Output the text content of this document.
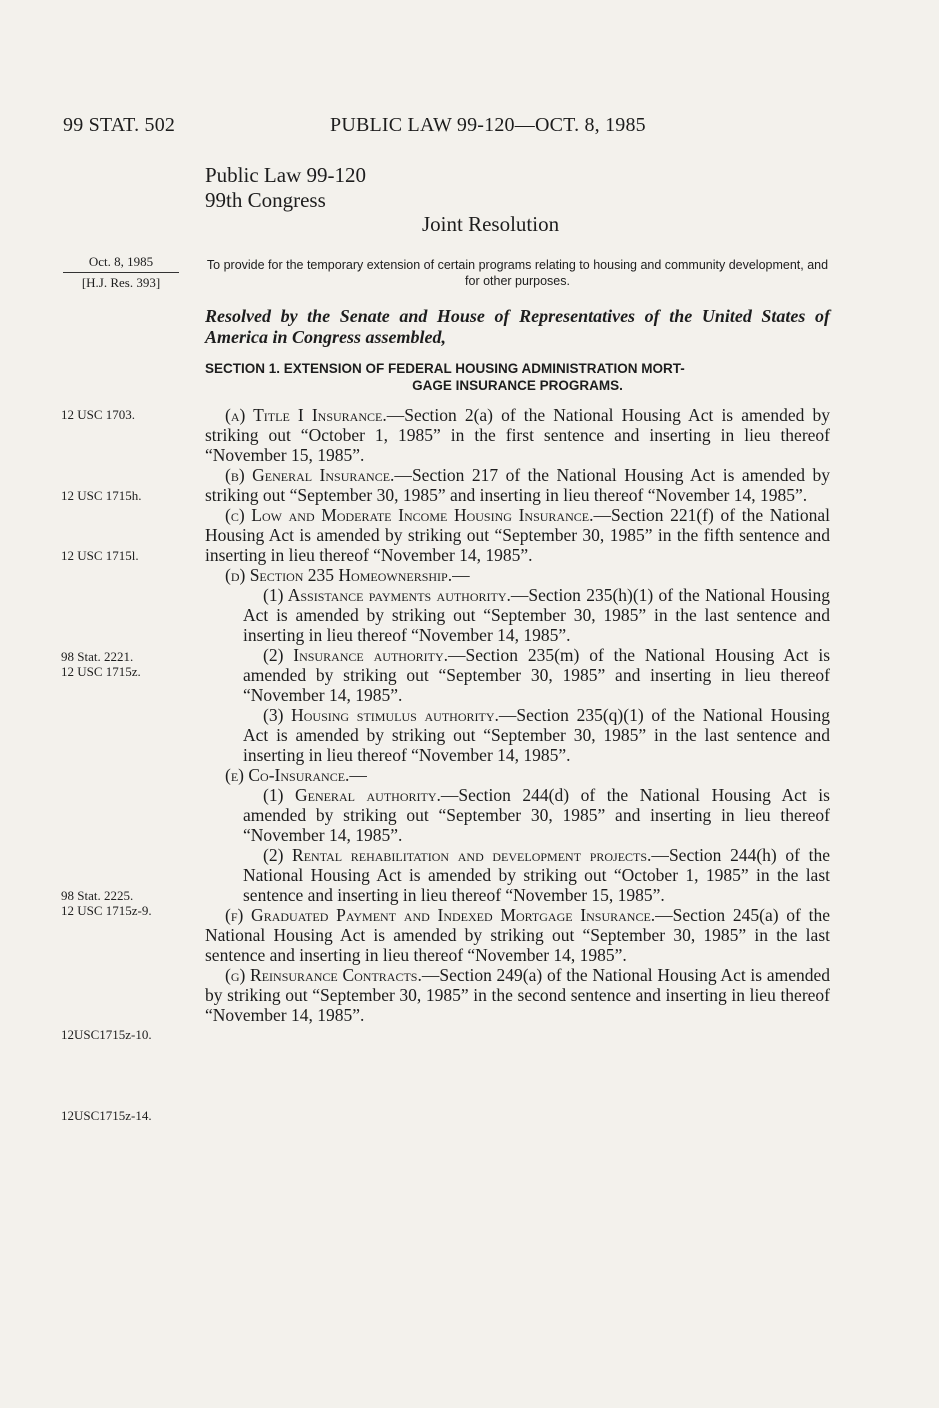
99 STAT. 502	PUBLIC LAW 99-120—OCT. 8, 1985
Public Law 99-120
99th Congress
Joint Resolution
Oct. 8, 1985
[H.J. Res. 393]
To provide for the temporary extension of certain programs relating to housing and community development, and for other purposes.
Resolved by the Senate and House of Representatives of the United States of America in Congress assembled,
SECTION 1. EXTENSION OF FEDERAL HOUSING ADMINISTRATION MORT-
GAGE INSURANCE PROGRAMS.
12 USC 1703.
12 USC 1715h.
12 USC 1715l.
98 Stat. 2221.
12 USC 1715z.
98 Stat. 2225.
12 USC 1715z-9.
12USC1715z-10.
12USC1715z-14.

(a) Title I Insurance.—Section 2(a) of the National Housing Act is amended by striking out “October 1, 1985” in the first sentence and inserting in lieu thereof “November 15, 1985”.

(b) General Insurance.—Section 217 of the National Housing Act is amended by striking out “September 30, 1985” and inserting in lieu thereof “November 14, 1985”.

(c) Low and Moderate Income Housing Insurance.—Section 221(f) of the National Housing Act is amended by striking out “September 30, 1985” in the fifth sentence and inserting in lieu thereof “November 14, 1985”.

(d) Section 235 Homeownership.—

(1) Assistance payments authority.—Section 235(h)(1) of the National Housing Act is amended by striking out “September 30, 1985” in the last sentence and inserting in lieu thereof “November 14, 1985”.

(2) Insurance authority.—Section 235(m) of the National Housing Act is amended by striking out “September 30, 1985” and inserting in lieu thereof “November 14, 1985”.

(3) Housing stimulus authority.—Section 235(q)(1) of the National Housing Act is amended by striking out “September 30, 1985” in the last sentence and inserting in lieu thereof “November 14, 1985”.

(e) Co-Insurance.—

(1) General authority.—Section 244(d) of the National Housing Act is amended by striking out “September 30, 1985” and inserting in lieu thereof “November 14, 1985”.

(2) Rental rehabilitation and development projects.—Section 244(h) of the National Housing Act is amended by striking out “October 1, 1985” in the last sentence and inserting in lieu thereof “November 15, 1985”.

(f) Graduated Payment and Indexed Mortgage Insurance.—Section 245(a) of the National Housing Act is amended by striking out “September 30, 1985” in the last sentence and inserting in lieu thereof “November 14, 1985”.

(g) Reinsurance Contracts.—Section 249(a) of the National Housing Act is amended by striking out “September 30, 1985” in the second sentence and inserting in lieu thereof “November 14, 1985”.
